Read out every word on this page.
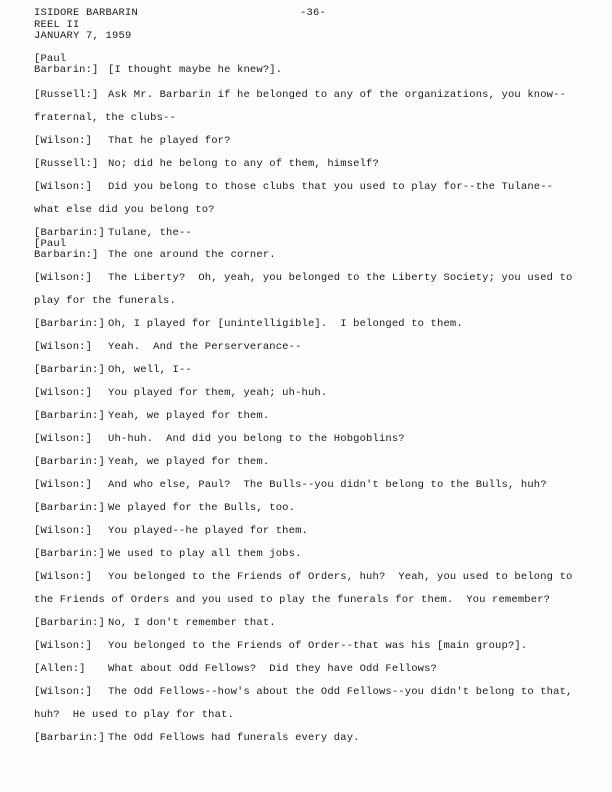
ISIDORE BARBARIN
REEL II
JANUARY 7, 1959
-36-
[Paul
Barbarin:] [I thought maybe he knew?].
[Russell:] Ask Mr. Barbarin if he belonged to any of the organizations, you know--
fraternal, the clubs--
[Wilson:] That he played for?
[Russell:] No; did he belong to any of them, himself?
[Wilson:] Did you belong to those clubs that you used to play for--the Tulane--
what else did you belong to?
[Barbarin:] Tulane, the--
[Paul
Barbarin:] The one around the corner.
[Wilson:] The Liberty?  Oh, yeah, you belonged to the Liberty Society; you used to
play for the funerals.
[Barbarin:] Oh, I played for [unintelligible].  I belonged to them.
[Wilson:] Yeah.  And the Perserverance--
[Barbarin:] Oh, well, I--
[Wilson:] You played for them, yeah; uh-huh.
[Barbarin:] Yeah, we played for them.
[Wilson:] Uh-huh.  And did you belong to the Hobgoblins?
[Barbarin:] Yeah, we played for them.
[Wilson:] And who else, Paul?  The Bulls--you didn't belong to the Bulls, huh?
[Barbarin:] We played for the Bulls, too.
[Wilson:] You played--he played for them.
[Barbarin:] We used to play all them jobs.
[Wilson:] You belonged to the Friends of Orders, huh?  Yeah, you used to belong to
the Friends of Orders and you used to play the funerals for them.  You remember?
[Barbarin:] No, I don't remember that.
[Wilson:] You belonged to the Friends of Order--that was his [main group?].
[Allen:] What about Odd Fellows?  Did they have Odd Fellows?
[Wilson:] The Odd Fellows--how's about the Odd Fellows--you didn't belong to that,
huh?  He used to play for that.
[Barbarin:] The Odd Fellows had funerals every day.
